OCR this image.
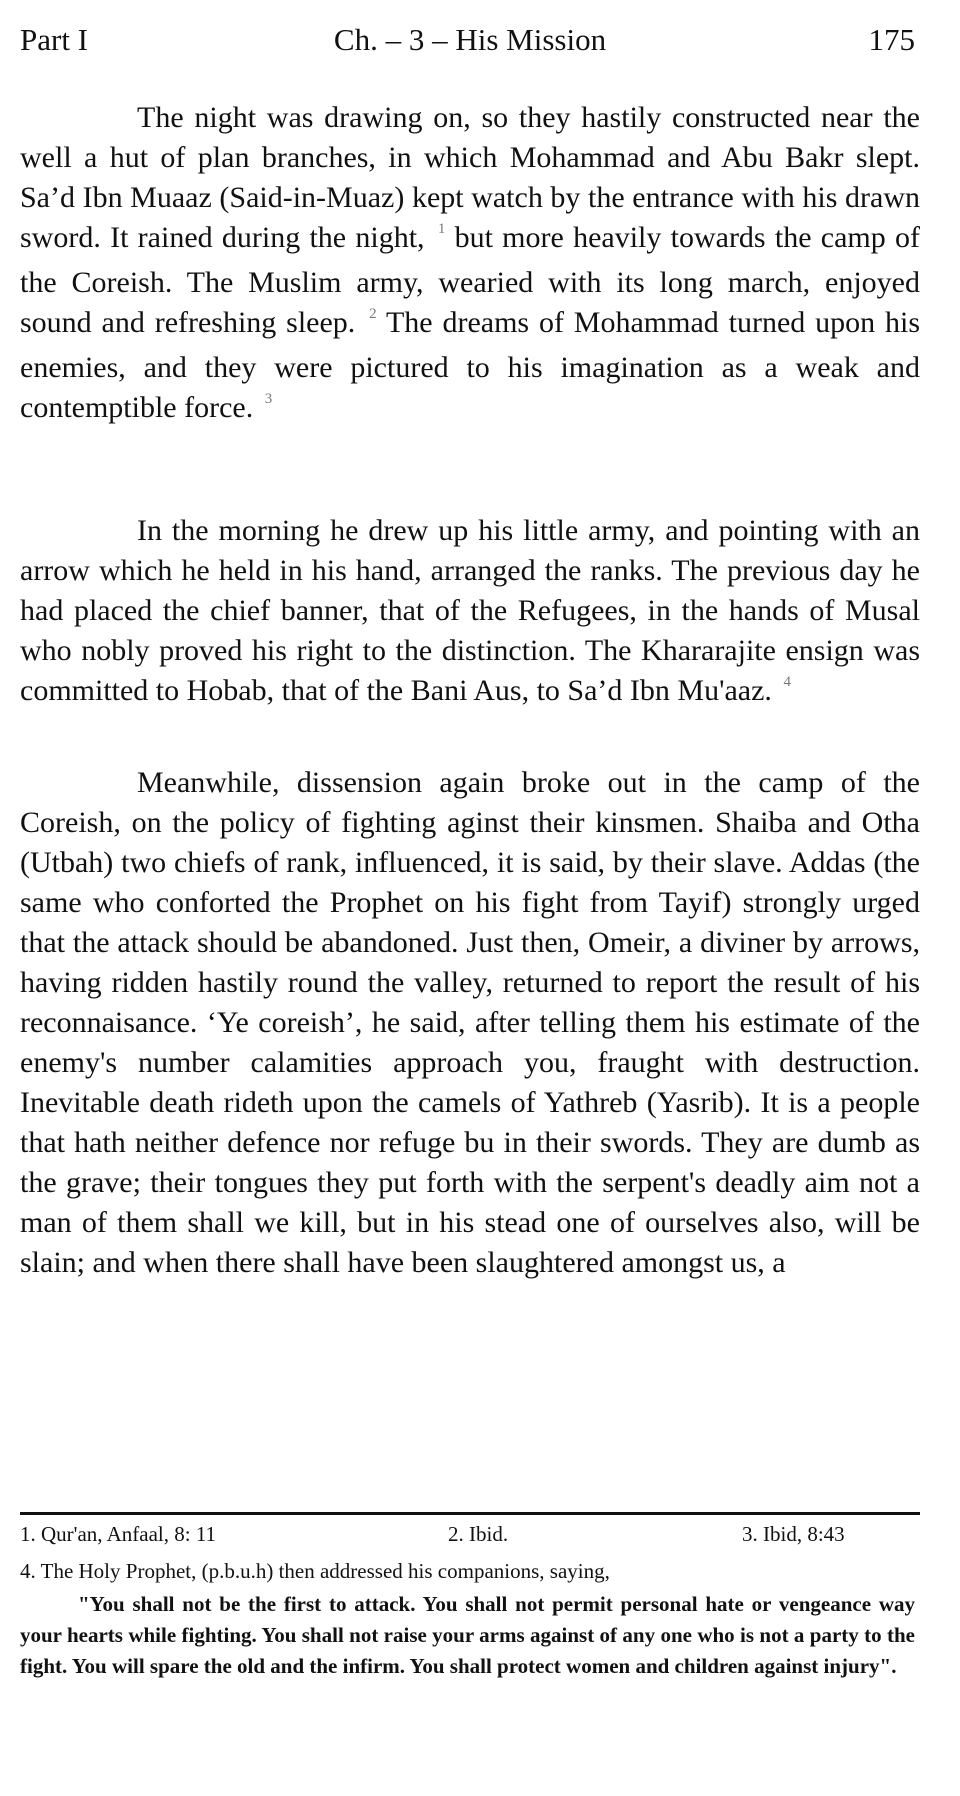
Part I	Ch. – 3 – His Mission	175

The night was drawing on, so they hastily constructed near the well a hut of plan branches, in which Mohammad and Abu Bakr slept. Sa’d Ibn Muaaz (Said-in-Muaz) kept watch by the entrance with his drawn sword. It rained during the night, $^1$ but more heavily towards the camp of the Coreish. The Muslim army, wearied with its long march, enjoyed sound and refreshing sleep. $^2$ The dreams of Mohammad turned upon his enemies, and they were pictured to his imagination as a weak and contemptible force. $^3$

In the morning he drew up his little army, and pointing with an arrow which he held in his hand, arranged the ranks. The previous day he had placed the chief banner, that of the Refugees, in the hands of Musal who nobly proved his right to the distinction. The Khararajite ensign was committed to Hobab, that of the Bani Aus, to Sa’d Ibn Mu'aaz. $^4$

Meanwhile, dissension again broke out in the camp of the Coreish, on the policy of fighting aginst their kinsmen. Shaiba and Otha (Utbah) two chiefs of rank, influenced, it is said, by their slave. Addas (the same who conforted the Prophet on his fight from Tayif) strongly urged that the attack should be abandoned. Just then, Omeir, a diviner by arrows, having ridden hastily round the valley, returned to report the result of his reconnaisance. ‘Ye coreish’, he said, after telling them his estimate of the enemy's number calamities approach you, fraught with destruction. Inevitable death rideth upon the camels of Yathreb (Yasrib). It is a people that hath neither defence nor refuge bu in their swords. They are dumb as the grave; their tongues they put forth with the serpent's deadly aim not a man of them shall we kill, but in his stead one of ourselves also, will be slain; and when there shall have been slaughtered amongst us, a

1. Qur'an, Anfaal, 8: 11	2. Ibid.	3. Ibid, 8:43

4. The Holy Prophet, (p.b.u.h) then addressed his companions, saying,

"You shall not be the first to attack. You shall not permit personal hate or vengeance way your hearts while fighting. You shall not raise your arms against of any one who is not a party to the fight. You will spare the old and the infirm. You shall protect women and children against injury".
